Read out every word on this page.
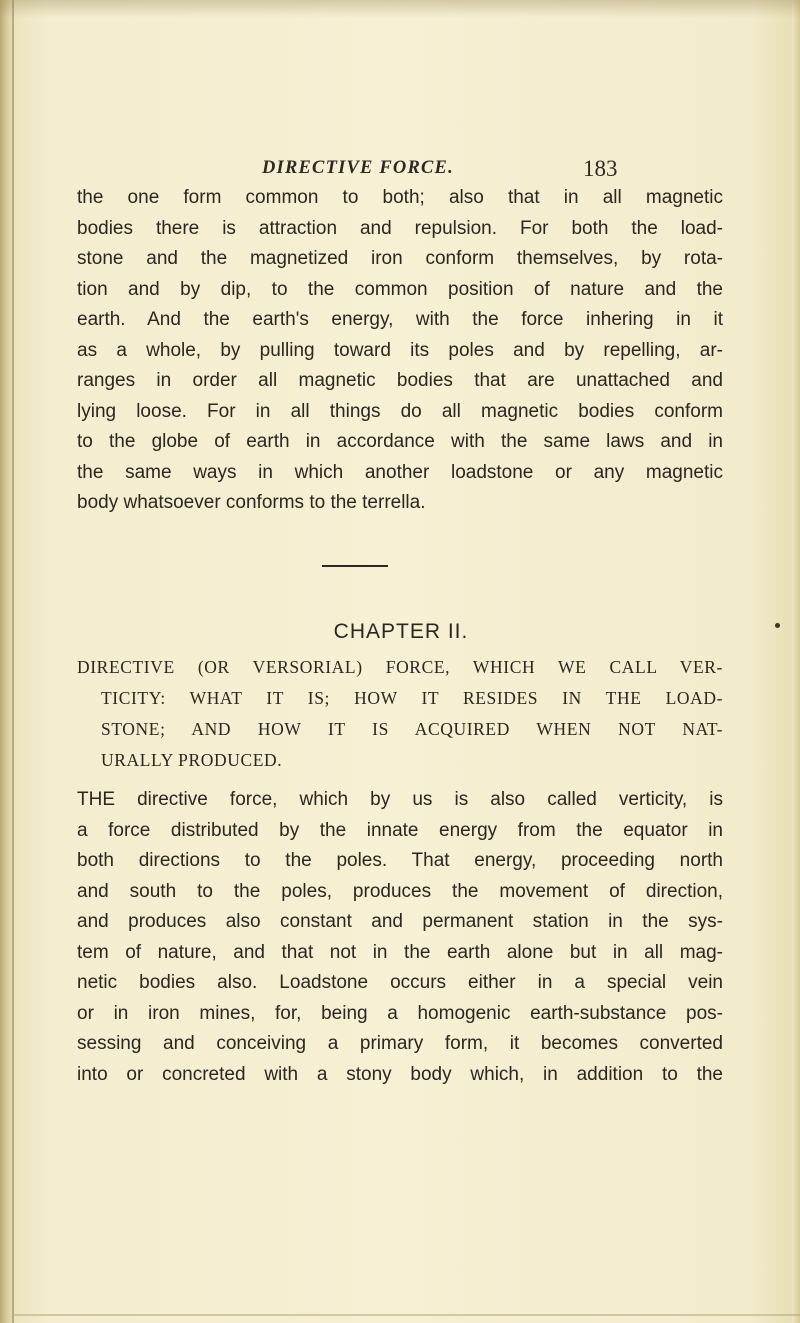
DIRECTIVE FORCE.	183
the one form common to both; also that in all magnetic
bodies there is attraction and repulsion. For both the load-
stone and the magnetized iron conform themselves, by rota-
tion and by dip, to the common position of nature and the
earth. And the earth's energy, with the force inhering in it
as a whole, by pulling toward its poles and by repelling, ar-
ranges in order all magnetic bodies that are unattached and
lying loose. For in all things do all magnetic bodies conform
to the globe of earth in accordance with the same laws and in
the same ways in which another loadstone or any magnetic
body whatsoever conforms to the terrella.
CHAPTER II.
DIRECTIVE (OR VERSORIAL) FORCE, WHICH WE CALL VER-
TICITY: WHAT IT IS; HOW IT RESIDES IN THE LOAD-
STONE; AND HOW IT IS ACQUIRED WHEN NOT NAT-
URALLY PRODUCED.
THE directive force, which by us is also called verticity, is
a force distributed by the innate energy from the equator in
both directions to the poles. That energy, proceeding north
and south to the poles, produces the movement of direction,
and produces also constant and permanent station in the sys-
tem of nature, and that not in the earth alone but in all mag-
netic bodies also. Loadstone occurs either in a special vein
or in iron mines, for, being a homogenic earth-substance pos-
sessing and conceiving a primary form, it becomes converted
into or concreted with a stony body which, in addition to the
